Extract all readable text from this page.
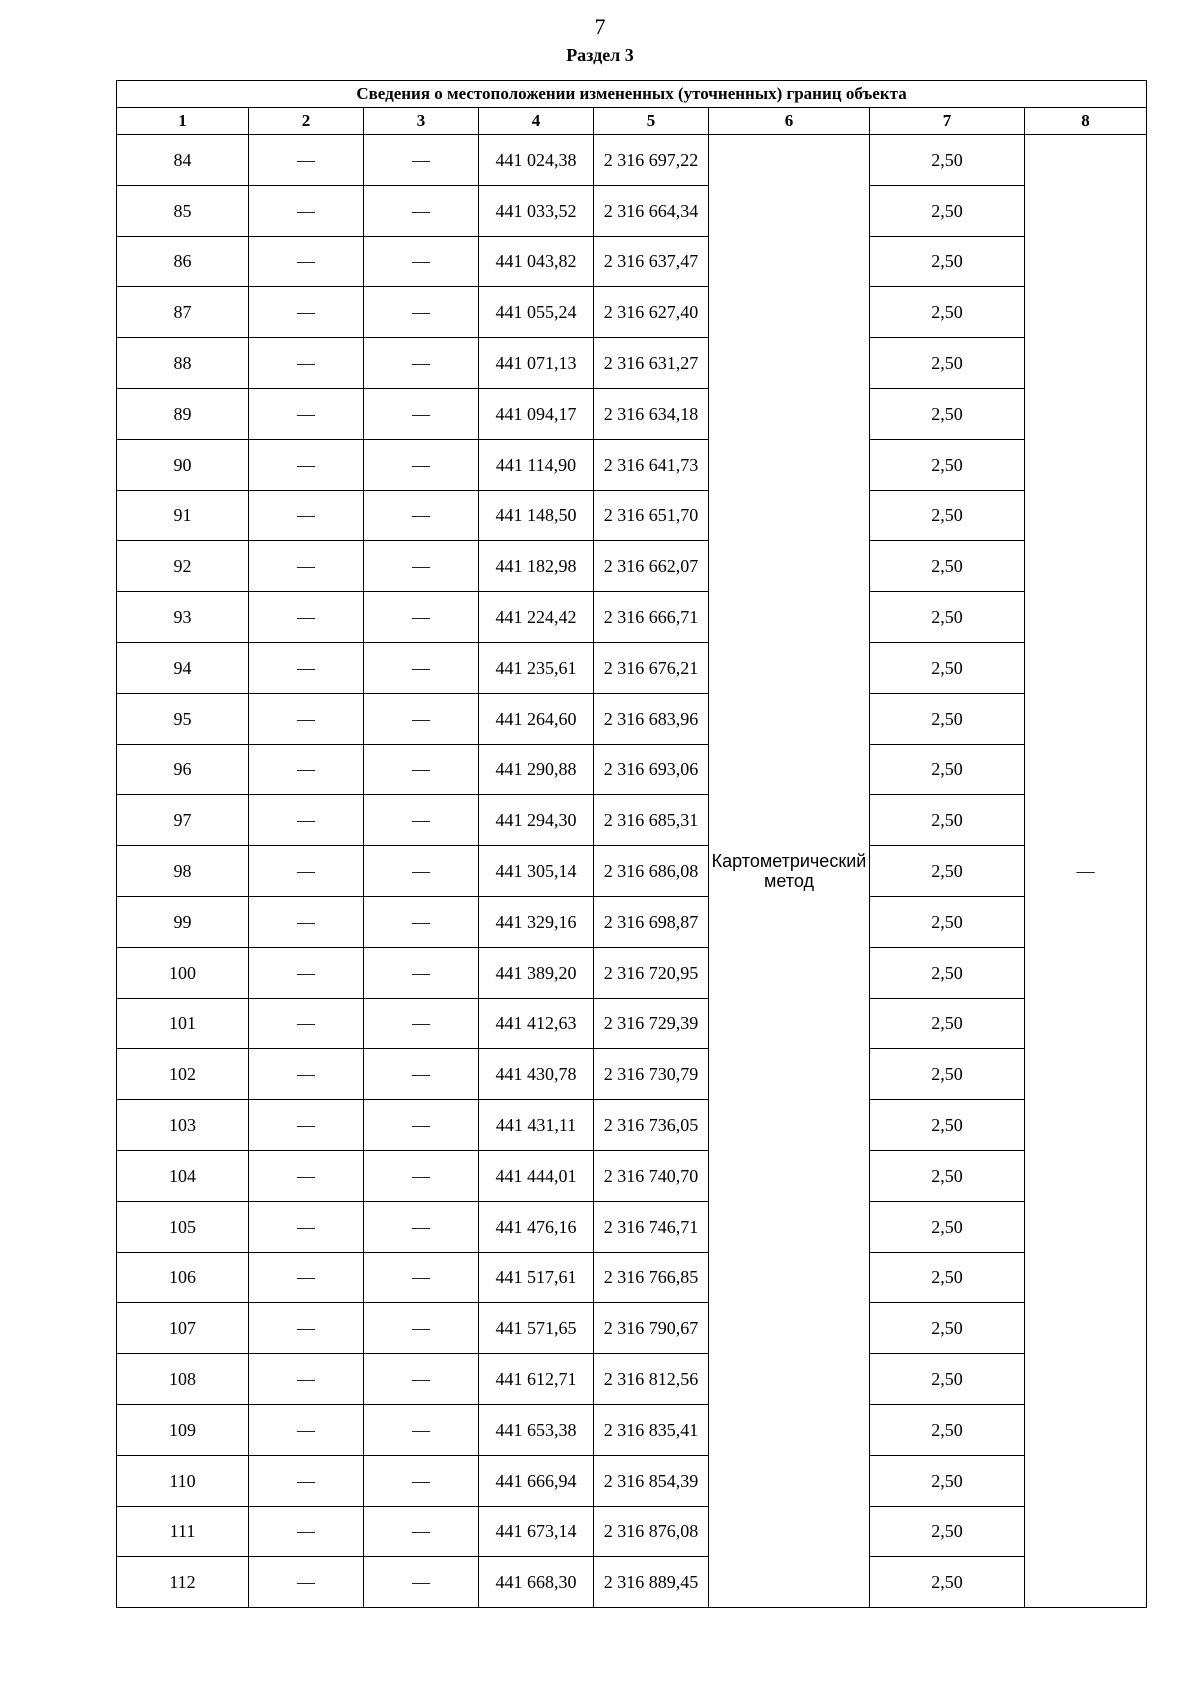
7
Раздел 3
Сведения о местоположении измененных (уточненных) границ объекта							
1	2	3	4	5	6	7	8
84	—	—	441 024,38	2 316 697,22	Картометрический метод	2,50	—
85	—	—	441 033,52	2 316 664,34		2,50	
86	—	—	441 043,82	2 316 637,47		2,50	
87	—	—	441 055,24	2 316 627,40		2,50	
88	—	—	441 071,13	2 316 631,27		2,50	
89	—	—	441 094,17	2 316 634,18		2,50	
90	—	—	441 114,90	2 316 641,73		2,50	
91	—	—	441 148,50	2 316 651,70		2,50	
92	—	—	441 182,98	2 316 662,07		2,50	
93	—	—	441 224,42	2 316 666,71		2,50	
94	—	—	441 235,61	2 316 676,21		2,50	
95	—	—	441 264,60	2 316 683,96		2,50	
96	—	—	441 290,88	2 316 693,06		2,50	
97	—	—	441 294,30	2 316 685,31		2,50	
98	—	—	441 305,14	2 316 686,08		2,50	
99	—	—	441 329,16	2 316 698,87		2,50	
100	—	—	441 389,20	2 316 720,95		2,50	
101	—	—	441 412,63	2 316 729,39		2,50	
102	—	—	441 430,78	2 316 730,79		2,50	
103	—	—	441 431,11	2 316 736,05		2,50	
104	—	—	441 444,01	2 316 740,70		2,50	
105	—	—	441 476,16	2 316 746,71		2,50	
106	—	—	441 517,61	2 316 766,85		2,50	
107	—	—	441 571,65	2 316 790,67		2,50	
108	—	—	441 612,71	2 316 812,56		2,50	
109	—	—	441 653,38	2 316 835,41		2,50	
110	—	—	441 666,94	2 316 854,39		2,50	
111	—	—	441 673,14	2 316 876,08		2,50	
112	—	—	441 668,30	2 316 889,45		2,50	
